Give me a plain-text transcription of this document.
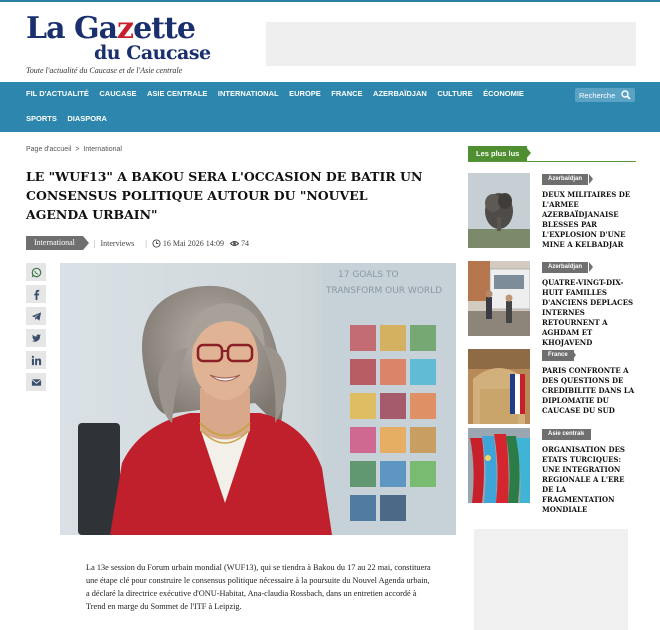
La Gazette
du Caucase
Toute l'actualité du Caucase et de l'Asie centrale
FIL D'ACTUALITÉ CAUCASE ASIE CENTRALE INTERNATIONAL EUROPE FRANCE AZERBAÏDJAN CULTURE ÉCONOMIE
SPORTS DIASPORA
Recherche
Page d'accueil > International
LE "WUF13" A BAKOU SERA L'OCCASION DE BATIR UN CONSENSUS POLITIQUE AUTOUR DU "NOUVEL AGENDA URBAIN"
International	| Interviews | 16 Mai 2026 14:09 74
17 GOALS TO
TRANSFORM OUR WORLD

La 13e session du Forum urbain mondial (WUF13), qui se tiendra à Bakou du 17 au 22 mai, constituera une étape clé pour construire le consensus politique nécessaire à la poursuite du Nouvel Agenda urbain, a déclaré la directrice exécutive d'ONU-Habitat, Ana-claudia Rossbach, dans un entretien accordé à Trend en marge du Sommet de l'ITF à Leipzig.

Les plus lus
Azerbaïdjan
DEUX MILITAIRES DE L'ARMEE AZERBAÏDJANAISE BLESSES PAR L'EXPLOSION D'UNE MINE A KELBADJAR
Azerbaïdjan
QUATRE-VINGT-DIX-HUIT FAMILLES D'ANCIENS DEPLACES INTERNES RETOURNENT A AGHDAM ET KHOJAVEND
France
PARIS CONFRONTE A DES QUESTIONS DE CREDIBILITE DANS LA DIPLOMATIE DU CAUCASE DU SUD
Asie centrale
ORGANISATION DES ETATS TURCIQUES: UNE INTEGRATION REGIONALE A L'ERE DE LA FRAGMENTATION MONDIALE
